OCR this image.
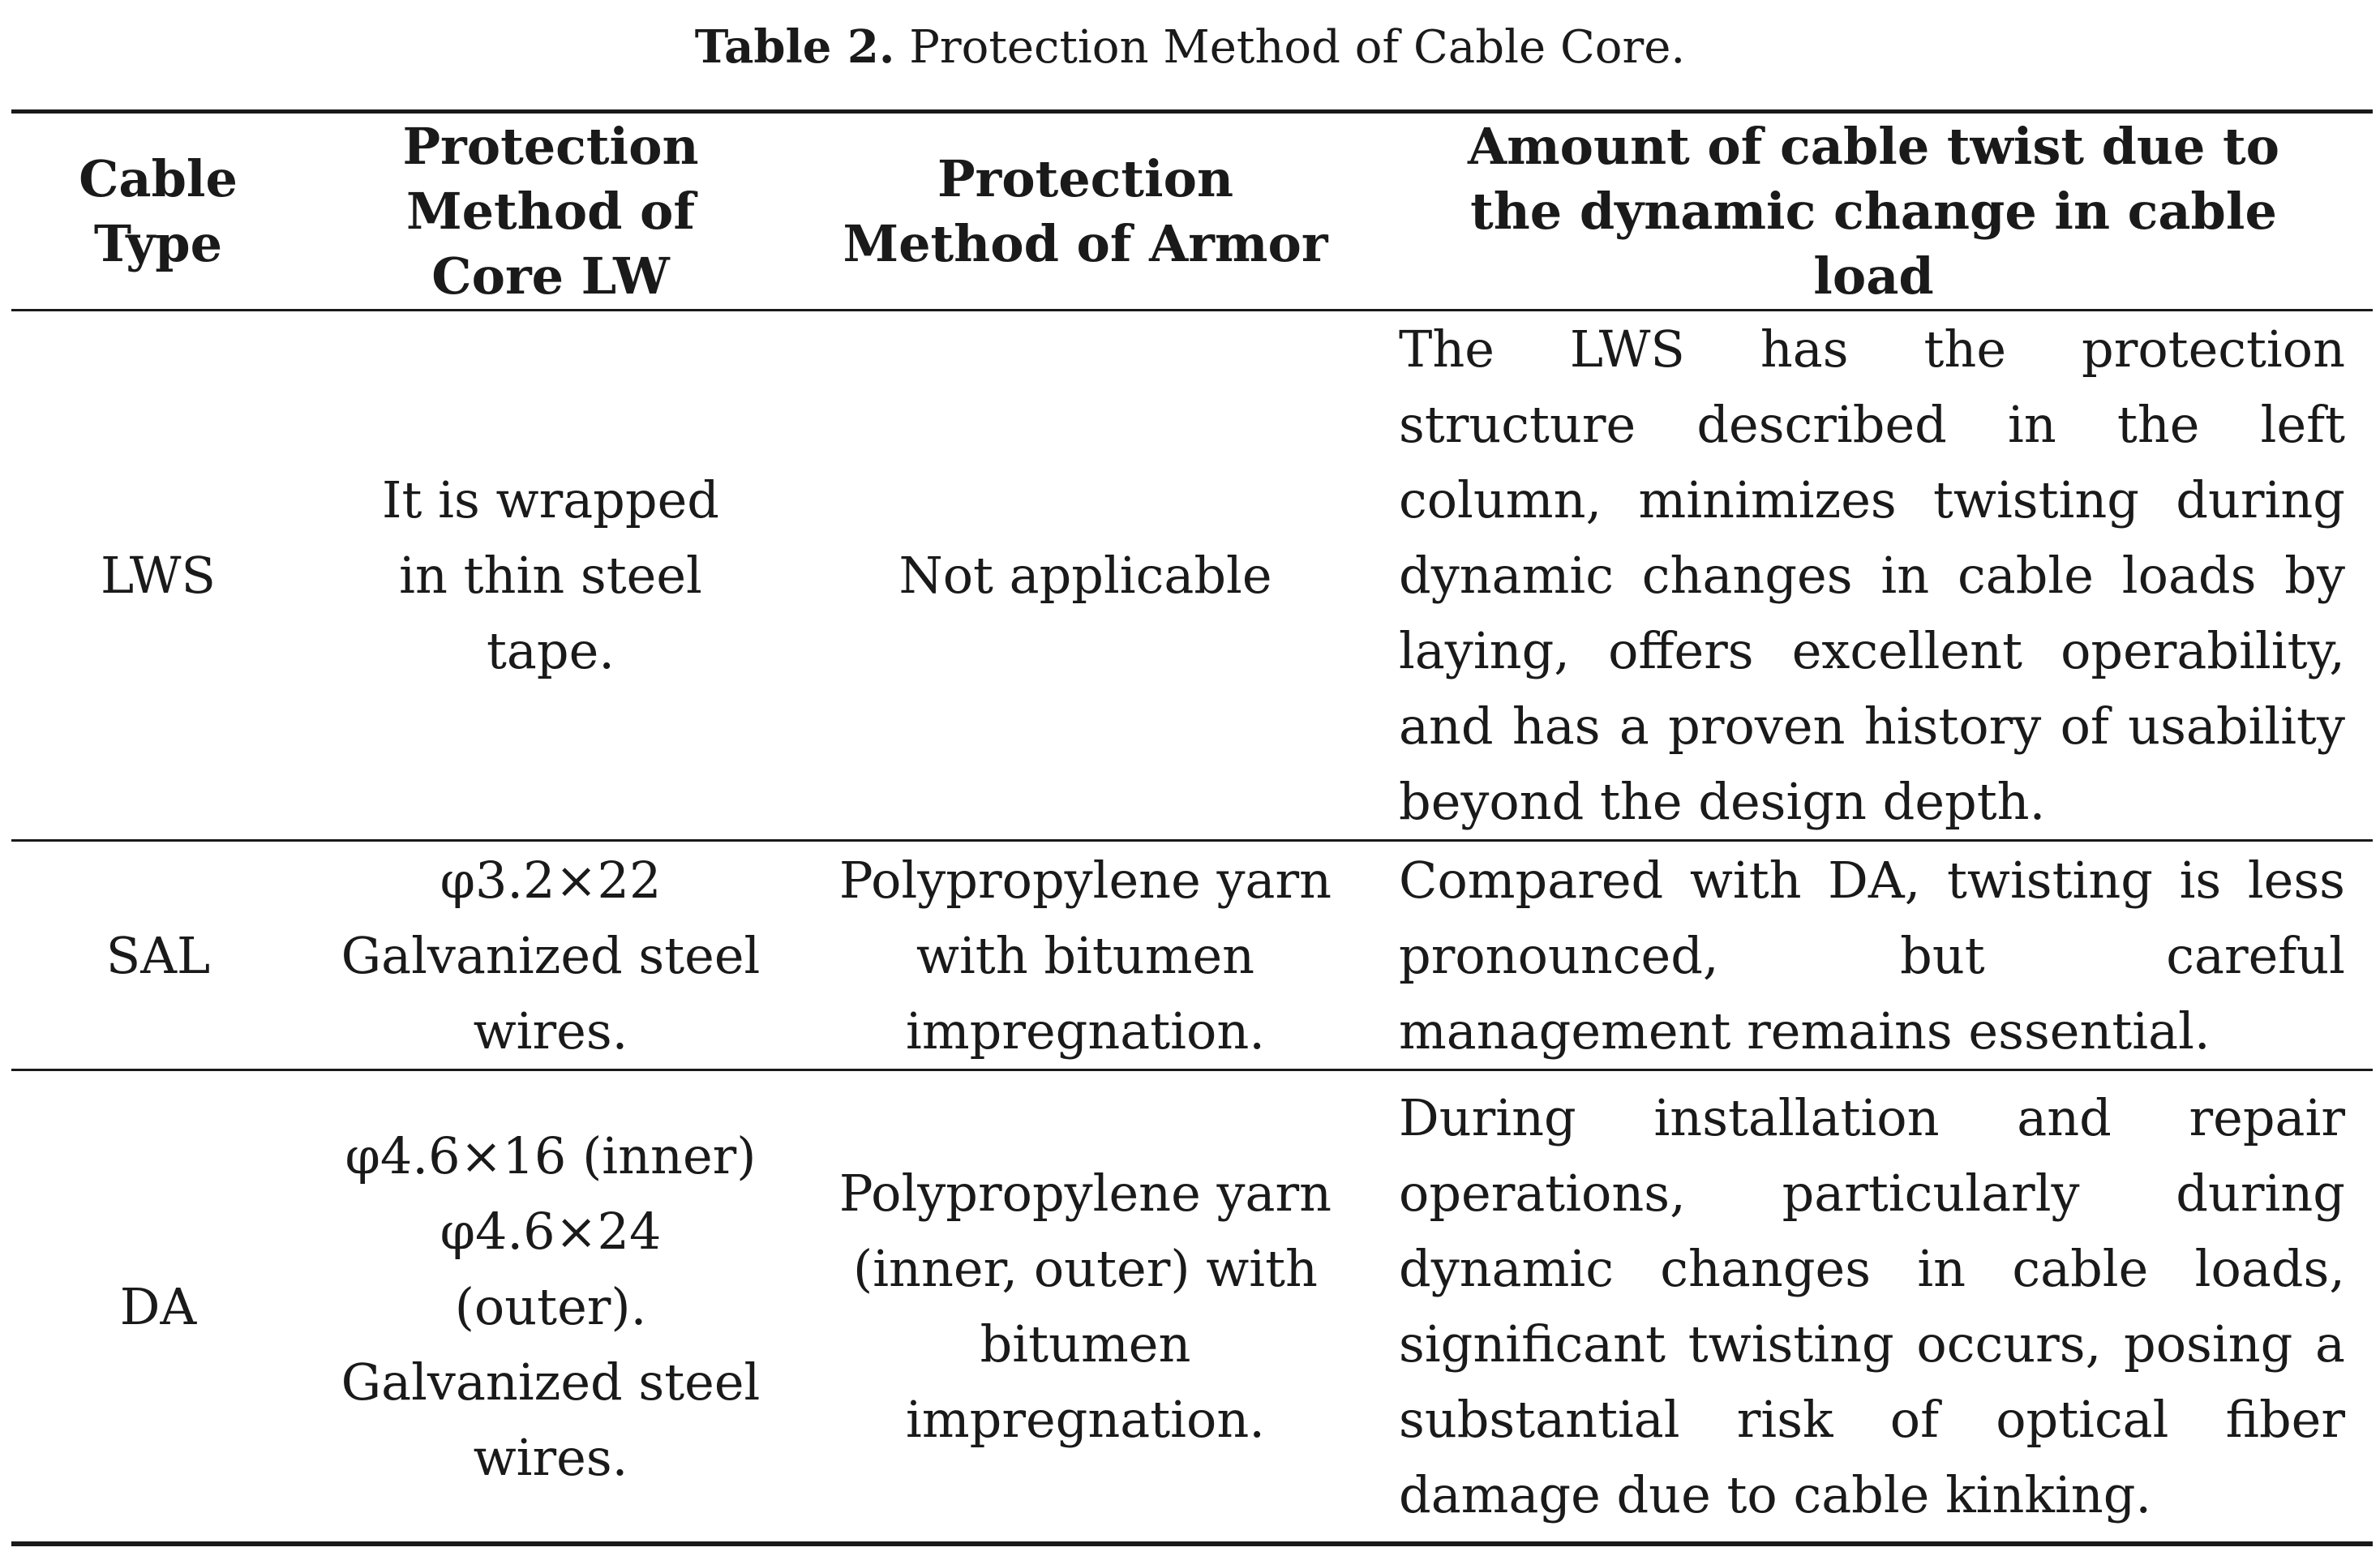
Table 2. Protection Method of Cable Core.
Cable Type	Protection Method of Core LW	Protection Method of Armor	Amount of cable twist due to the dynamic change in cable load
LWS	It is wrapped in thin steel tape.	Not applicable	The LWS has the protection structure described in the left column, minimizes twisting during dynamic changes in cable loads by laying, offers excellent operability, and has a proven history of usability beyond the design depth.
SAL	φ3.2×22 Galvanized steel wires.	Polypropylene yarn with bitumen impregnation.	Compared with DA, twisting is less pronounced, but careful management remains essential.
DA	φ4.6×16 (inner) φ4.6×24 (outer). Galvanized steel wires.	Polypropylene yarn (inner, outer) with bitumen impregnation.	During installation and repair operations, particularly during dynamic changes in cable loads, significant twisting occurs, posing a substantial risk of optical fiber damage due to cable kinking.
